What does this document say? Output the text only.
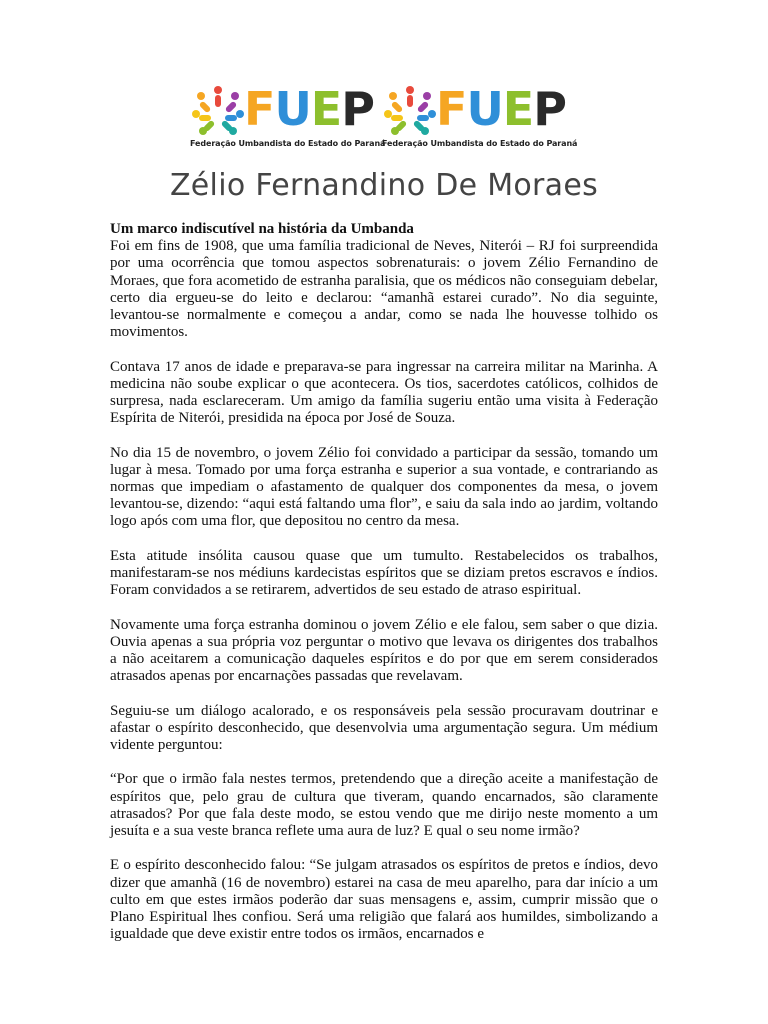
FUEP
Federação Umbandista do Estado do Paraná
FUEP
Federação Umbandista do Estado do Paraná
Zélio Fernandino De Moraes
Um marco indiscutível na história da Umbanda

Foi em fins de 1908, que uma família tradicional de Neves, Niterói – RJ foi surpreendida por uma ocorrência que tomou aspectos sobrenaturais: o jovem Zélio Fernandino de Moraes, que fora acometido de estranha paralisia, que os médicos não conseguiam debelar, certo dia ergueu-se do leito e declarou: “amanhã estarei curado”. No dia seguinte, levantou-se normalmente e começou a andar, como se nada lhe houvesse tolhido os movimentos.

Contava 17 anos de idade e preparava-se para ingressar na carreira militar na Marinha. A medicina não soube explicar o que acontecera. Os tios, sacerdotes católicos, colhidos de surpresa, nada esclareceram. Um amigo da família sugeriu então uma visita à Federação Espírita de Niterói, presidida na época por José de Souza.

No dia 15 de novembro, o jovem Zélio foi convidado a participar da sessão, tomando um lugar à mesa. Tomado por uma força estranha e superior a sua vontade, e contrariando as normas que impediam o afastamento de qualquer dos componentes da mesa, o jovem levantou-se, dizendo: “aqui está faltando uma flor”, e saiu da sala indo ao jardim, voltando logo após com uma flor, que depositou no centro da mesa.

Esta atitude insólita causou quase que um tumulto. Restabelecidos os trabalhos, manifestaram-se nos médiuns kardecistas espíritos que se diziam pretos escravos e índios. Foram convidados a se retirarem, advertidos de seu estado de atraso espiritual.

Novamente uma força estranha dominou o jovem Zélio e ele falou, sem saber o que dizia. Ouvia apenas a sua própria voz perguntar o motivo que levava os dirigentes dos trabalhos a não aceitarem a comunicação daqueles espíritos e do por que em serem considerados atrasados apenas por encarnações passadas que revelavam.

Seguiu-se um diálogo acalorado, e os responsáveis pela sessão procuravam doutrinar e afastar o espírito desconhecido, que desenvolvia uma argumentação segura. Um médium vidente perguntou:

“Por que o irmão fala nestes termos, pretendendo que a direção aceite a manifestação de espíritos que, pelo grau de cultura que tiveram, quando encarnados, são claramente atrasados? Por que fala deste modo, se estou vendo que me dirijo neste momento a um jesuíta e a sua veste branca reflete uma aura de luz? E qual o seu nome irmão?

E o espírito desconhecido falou: “Se julgam atrasados os espíritos de pretos e índios, devo dizer que amanhã (16 de novembro) estarei na casa de meu aparelho, para dar início a um culto em que estes irmãos poderão dar suas mensagens e, assim, cumprir missão que o Plano Espiritual lhes confiou. Será uma religião que falará aos humildes, simbolizando a igualdade que deve existir entre todos os irmãos, encarnados e
